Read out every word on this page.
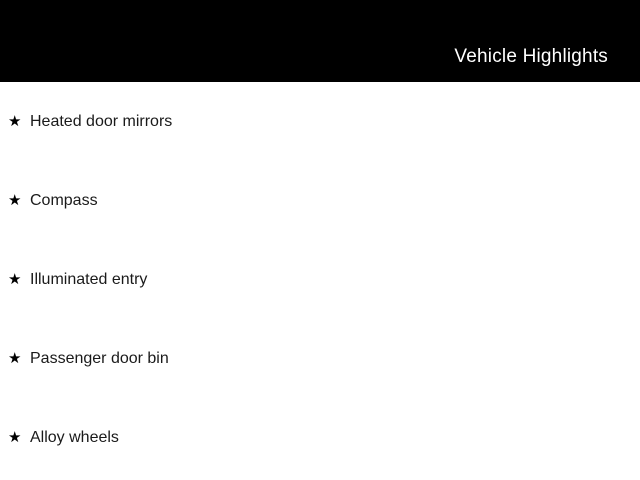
Vehicle Highlights
★ Heated door mirrors
★ Compass
★ Illuminated entry
★ Passenger door bin
★ Alloy wheels
